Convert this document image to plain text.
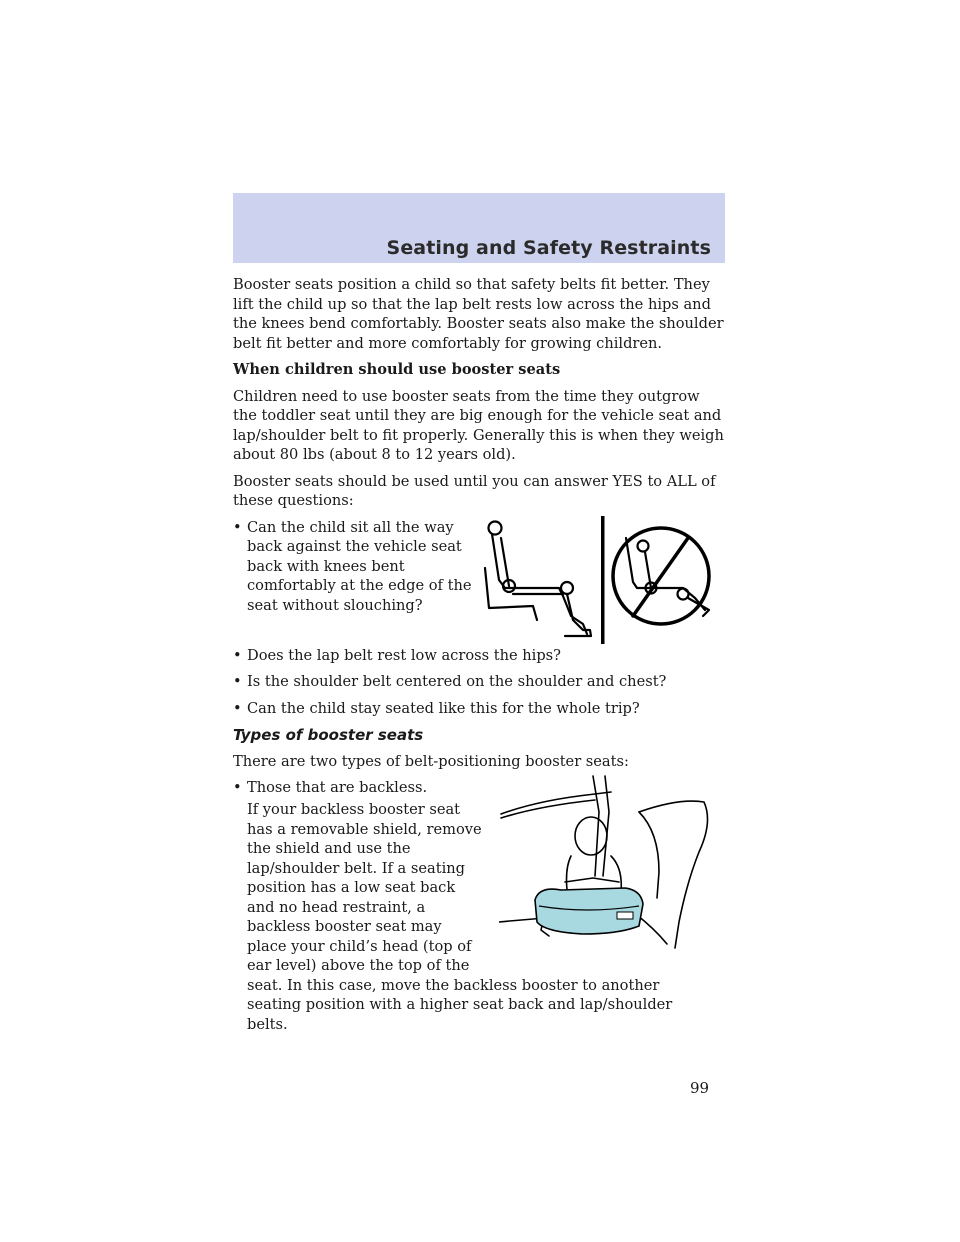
Seating and Safety Restraints

Booster seats position a child so that safety belts fit better. They lift the child up so that the lap belt rests low across the hips and the knees bend comfortably. Booster seats also make the shoulder belt fit better and more comfortably for growing children.

When children should use booster seats

Children need to use booster seats from the time they outgrow the toddler seat until they are big enough for the vehicle seat and lap/shoulder belt to fit properly. Generally this is when they weigh about 80 lbs (about 8 to 12 years old).

Booster seats should be used until you can answer YES to ALL of these questions:

• Can the child sit all the way back against the vehicle seat back with knees bent comfortably at the edge of the seat without slouching?
• Does the lap belt rest low across the hips?
• Is the shoulder belt centered on the shoulder and chest?
• Can the child stay seated like this for the whole trip?
Types of booster seats

There are two types of belt-positioning booster seats:

• Those that are backless.

If your backless booster seat has a removable shield, remove the shield and use the lap/shoulder belt. If a seating position has a low seat back and no head restraint, a backless booster seat may place your child’s head (top of ear level) above the top of the seat. In this case, move the backless booster to another seating position with a higher seat back and lap/shoulder belts.

99
